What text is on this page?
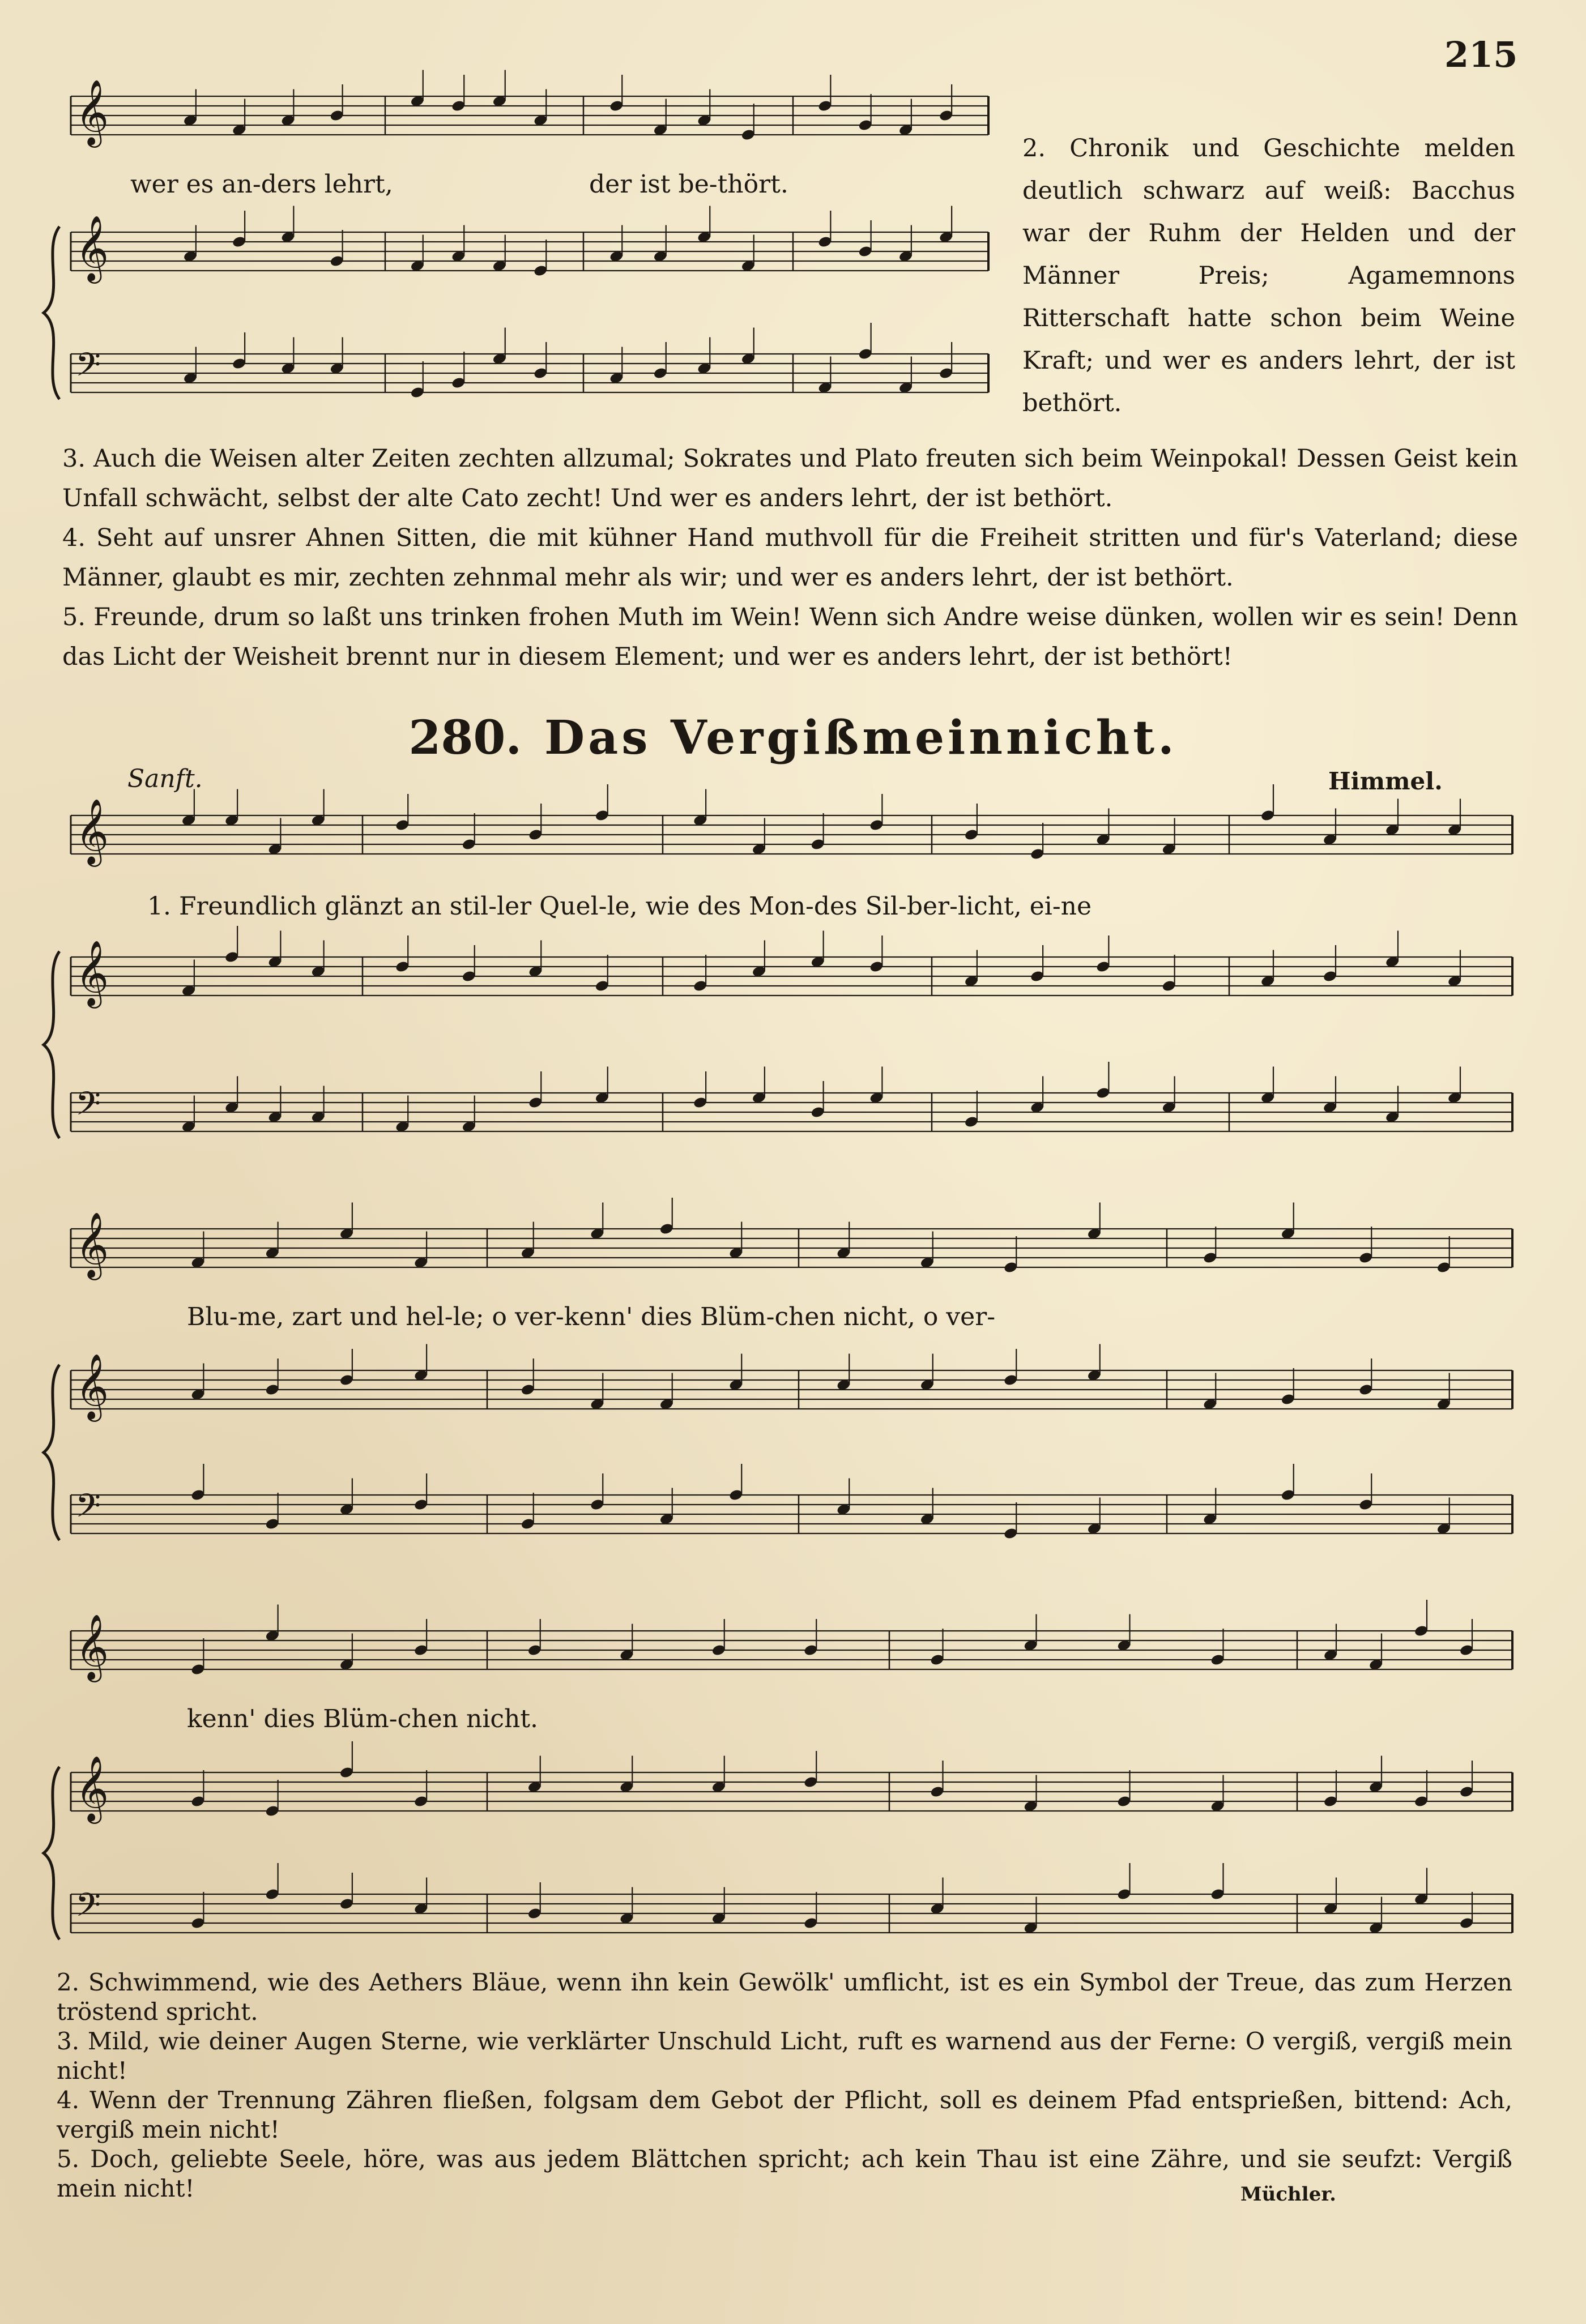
215
𝄞
𝄞
𝄢
𝄞
𝄞
𝄢
𝄞
𝄞
𝄢
𝄞
𝄞
𝄢
wer es an-ders lehrt,	der ist be-thört.
2. Chronik und Geschichte melden deutlich schwarz auf weiß: Bacchus war der Ruhm der Helden und der Männer Preis; Agamemnons Ritterschaft hatte schon beim Weine Kraft; und wer es anders lehrt, der ist bethört.

3. Auch die Weisen alter Zeiten zechten allzumal; Sokrates und Plato freuten sich beim Weinpokal! Dessen Geist kein Unfall schwächt, selbst der alte Cato zecht! Und wer es anders lehrt, der ist bethört.

4. Seht auf unsrer Ahnen Sitten, die mit kühner Hand muthvoll für die Freiheit stritten und für's Vaterland; diese Männer, glaubt es mir, zechten zehnmal mehr als wir; und wer es anders lehrt, der ist bethört.

5. Freunde, drum so laßt uns trinken frohen Muth im Wein! Wenn sich Andre weise dünken, wollen wir es sein! Denn das Licht der Weisheit brennt nur in diesem Element; und wer es anders lehrt, der ist bethört!

280. Das Vergißmeinnicht.
Sanft.	Himmel.
1. Freundlich glänzt an stil-ler Quel-le, wie des Mon-des Sil-ber-licht, ei-ne
Blu-me, zart und hel-le; o ver-kenn' dies Blüm-chen nicht, o ver-
kenn' dies Blüm-chen nicht.

2. Schwimmend, wie des Aethers Bläue, wenn ihn kein Gewölk' umflicht, ist es ein Symbol der Treue, das zum Herzen tröstend spricht.

3. Mild, wie deiner Augen Sterne, wie verklärter Unschuld Licht, ruft es warnend aus der Ferne: O vergiß, vergiß mein nicht!

4. Wenn der Trennung Zähren fließen, folgsam dem Gebot der Pflicht, soll es deinem Pfad entsprießen, bittend: Ach, vergiß mein nicht!

5. Doch, geliebte Seele, höre, was aus jedem Blättchen spricht; ach kein Thau ist eine Zähre, und sie seufzt: Vergiß mein nicht!	Müchler.
